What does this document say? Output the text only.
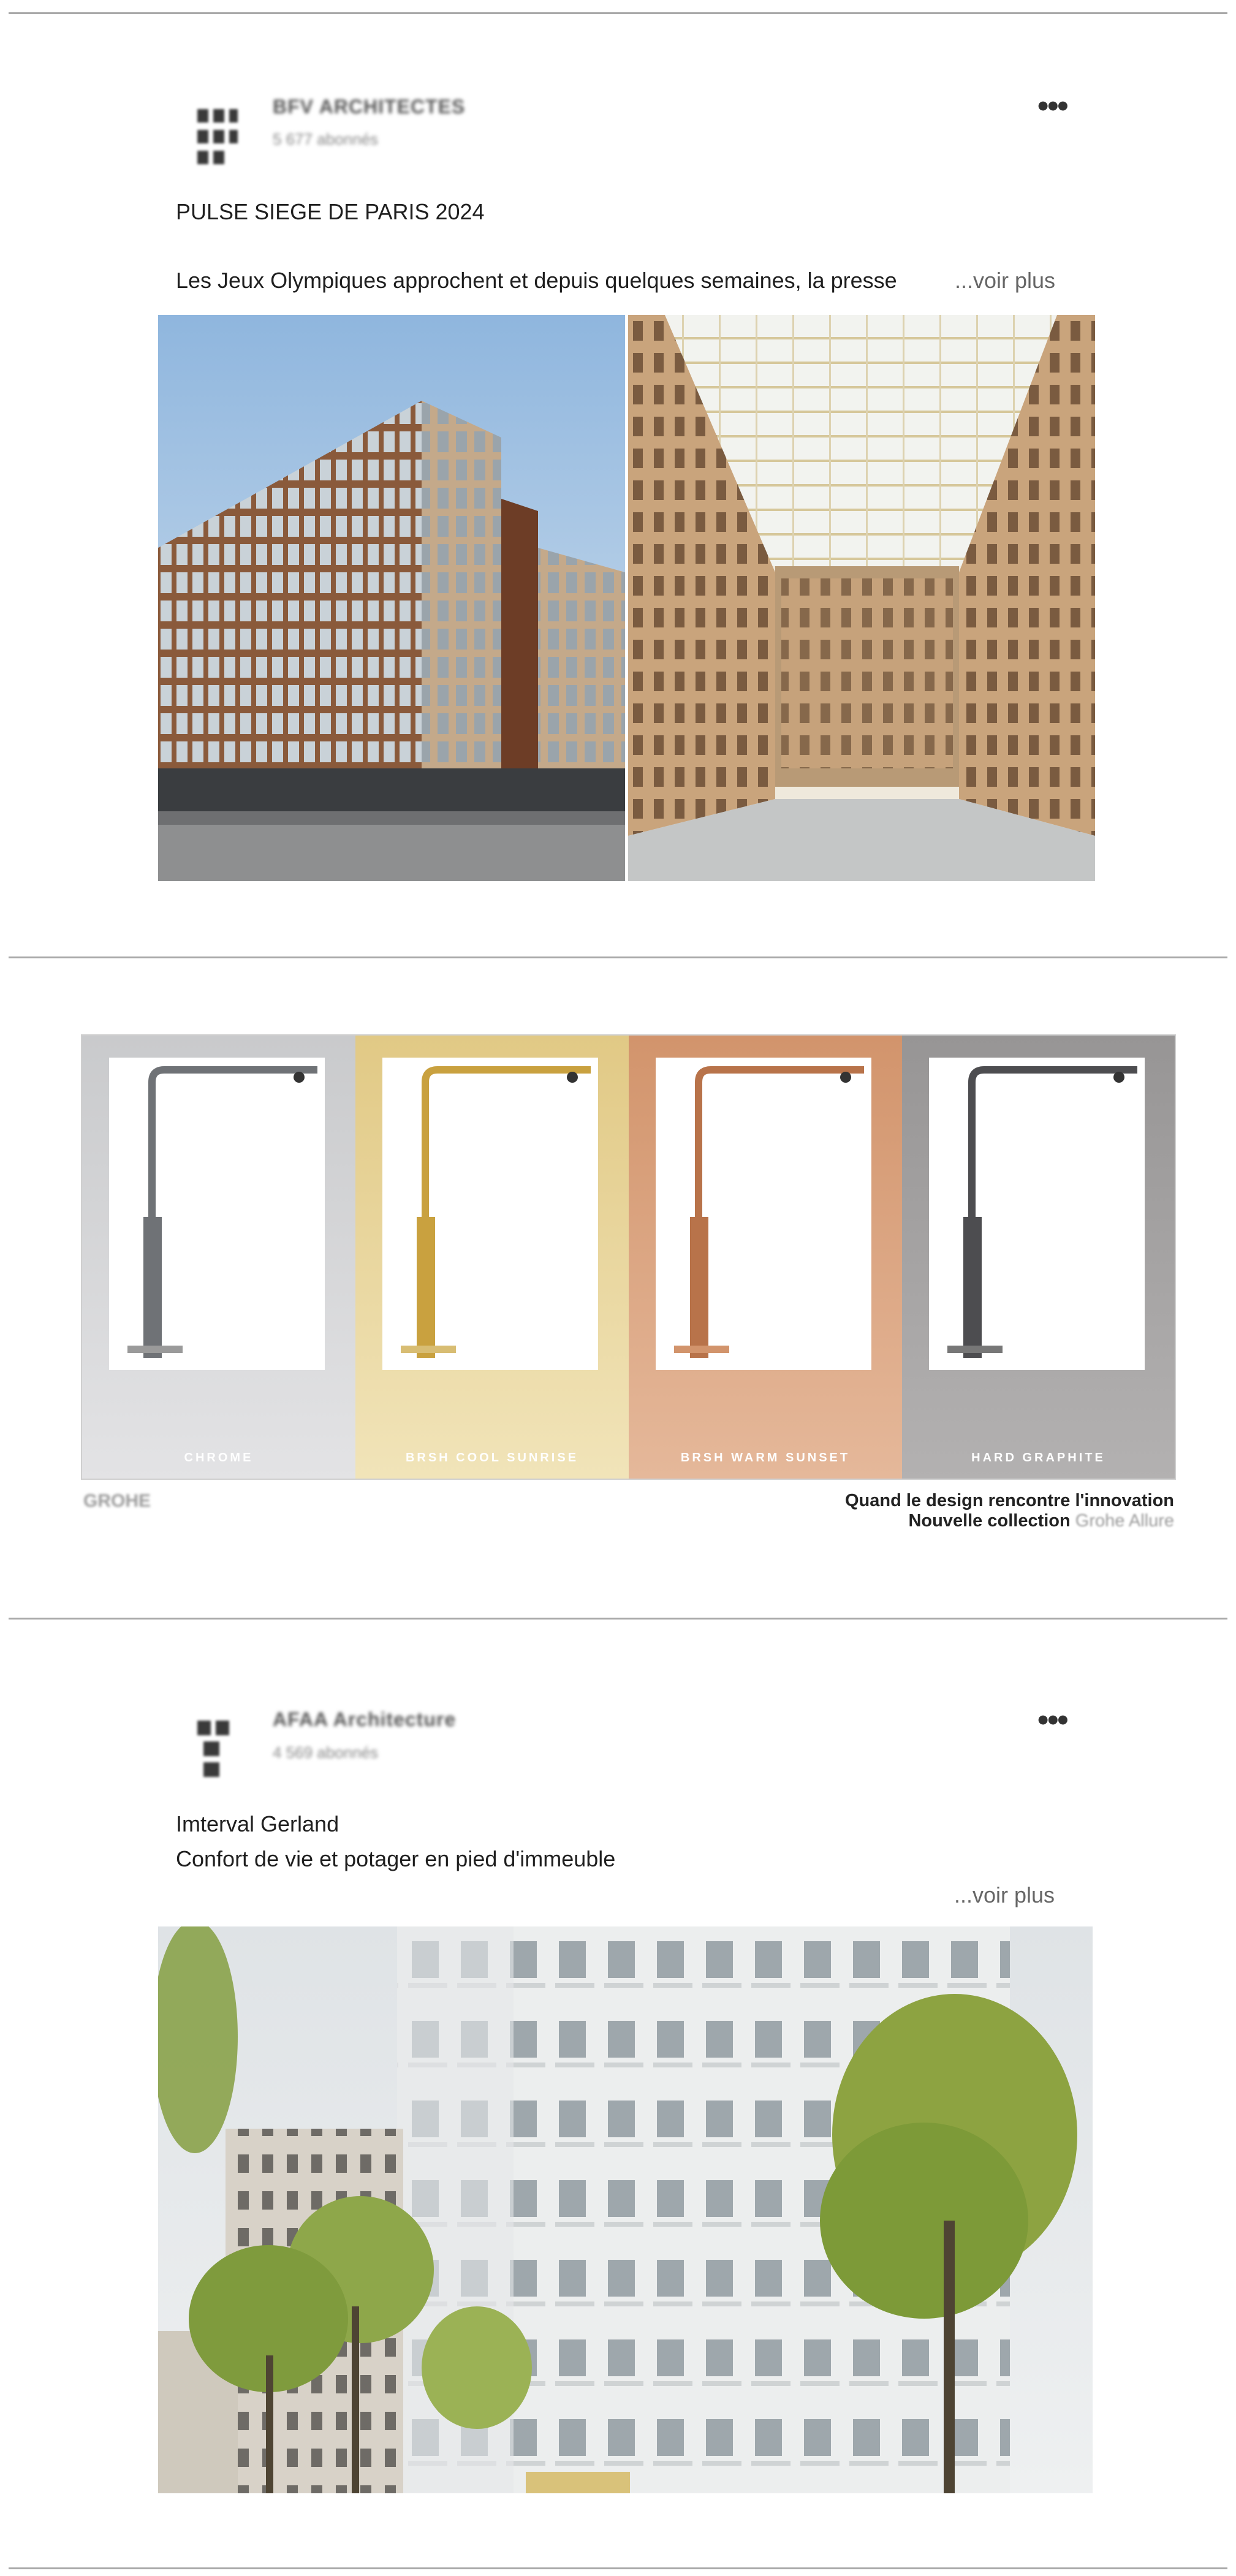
BFV ARCHITECTES
5 677 abonnés
•••
PULSE SIEGE DE PARIS 2024
Les Jeux Olympiques approchent et depuis quelques semaines, la presse	...voir plus
CHROME	BRSH COOL SUNRISE	BRSH WARM SUNSET	HARD GRAPHITE
GROHE	Quand le design rencontre l'innovation
Nouvelle collection Grohe Allure
AFAA Architecture
4 569 abonnés
•••
Imterval Gerland
Confort de vie et potager en pied d'immeuble
...voir plus
